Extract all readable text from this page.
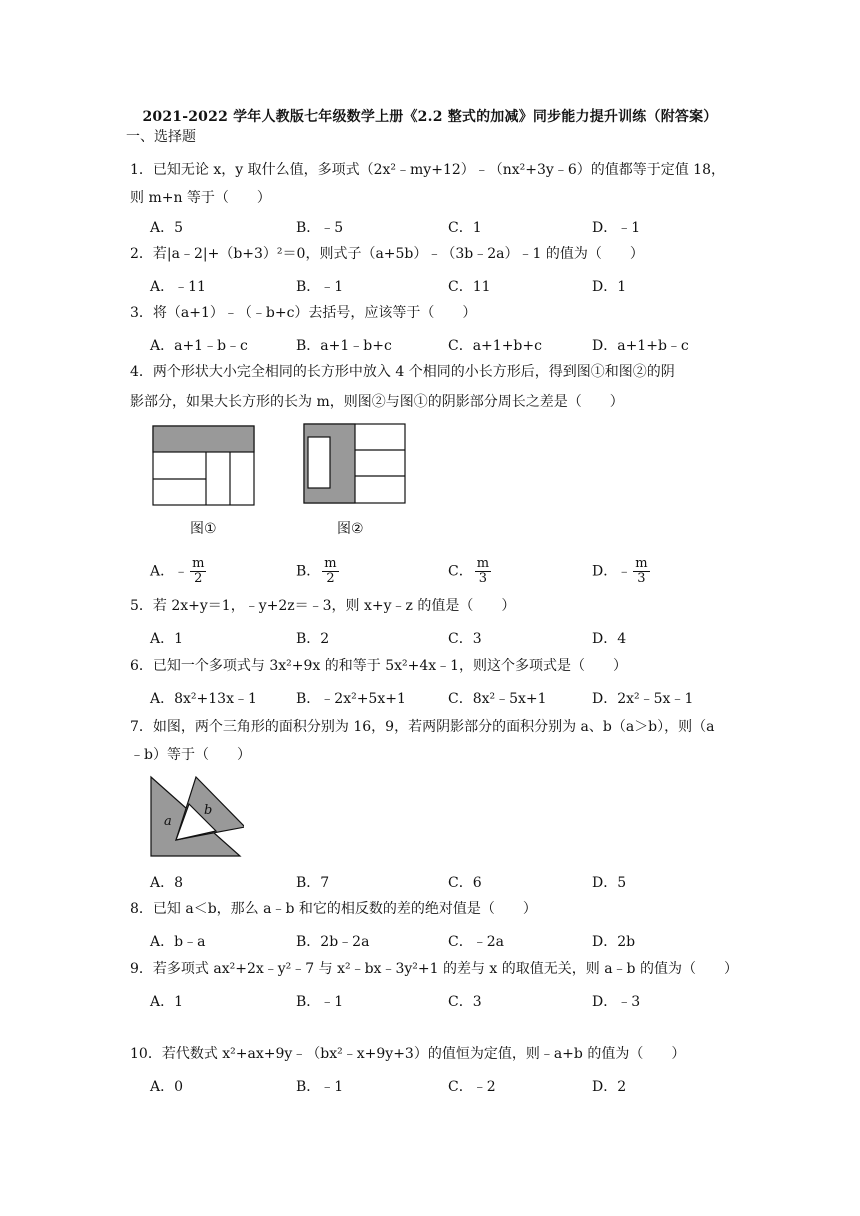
2021-2022 学年人教版七年级数学上册《2.2 整式的加减》同步能力提升训练（附答案）
一、选择题
1．已知无论 x，y 取什么值，多项式（2x²﹣my+12）﹣（nx²+3y﹣6）的值都等于定值 18，
则 m+n 等于（　　）
A．5	B．﹣5	C．1	D．﹣1
2．若|a﹣2|+（b+3）²＝0，则式子（a+5b）﹣（3b﹣2a）﹣1 的值为（　　）
A．﹣11	B．﹣1	C．11	D．1
3．将（a+1）﹣（﹣b+c）去括号，应该等于（　　）
A．a+1﹣b﹣c	B．a+1﹣b+c	C．a+1+b+c	D．a+1+b﹣c
4．两个形状大小完全相同的长方形中放入 4 个相同的小长方形后，得到图①和图②的阴
影部分，如果大长方形的长为 m，则图②与图①的阴影部分周长之差是（　　）
图①	图②
A．﹣ $\frac{m}{2}$	B． $\frac{m}{2}$	C． $\frac{m}{3}$	D．﹣ $\frac{m}{3}$
5．若 2x+y＝1，﹣y+2z＝﹣3，则 x+y﹣z 的值是（　　）
A．1	B．2	C．3	D．4
6．已知一个多项式与 3x²+9x 的和等于 5x²+4x﹣1，则这个多项式是（　　）
A．8x²+13x﹣1	B．﹣2x²+5x+1	C．8x²﹣5x+1	D．2x²﹣5x﹣1
7．如图，两个三角形的面积分别为 16，9，若两阴影部分的面积分别为 a、b（a＞b），则（a
﹣b）等于（　　）
a
b
A．8	B．7	C．6	D．5
8．已知 a＜b，那么 a﹣b 和它的相反数的差的绝对值是（　　）
A．b﹣a	B．2b﹣2a	C．﹣2a	D．2b
9．若多项式 ax²+2x﹣y²﹣7 与 x²﹣bx﹣3y²+1 的差与 x 的取值无关，则 a﹣b 的值为（　　）
A．1	B．﹣1	C．3	D．﹣3
10．若代数式 x²+ax+9y﹣（bx²﹣x+9y+3）的值恒为定值，则﹣a+b 的值为（　　）
A．0	B．﹣1	C．﹣2	D．2
